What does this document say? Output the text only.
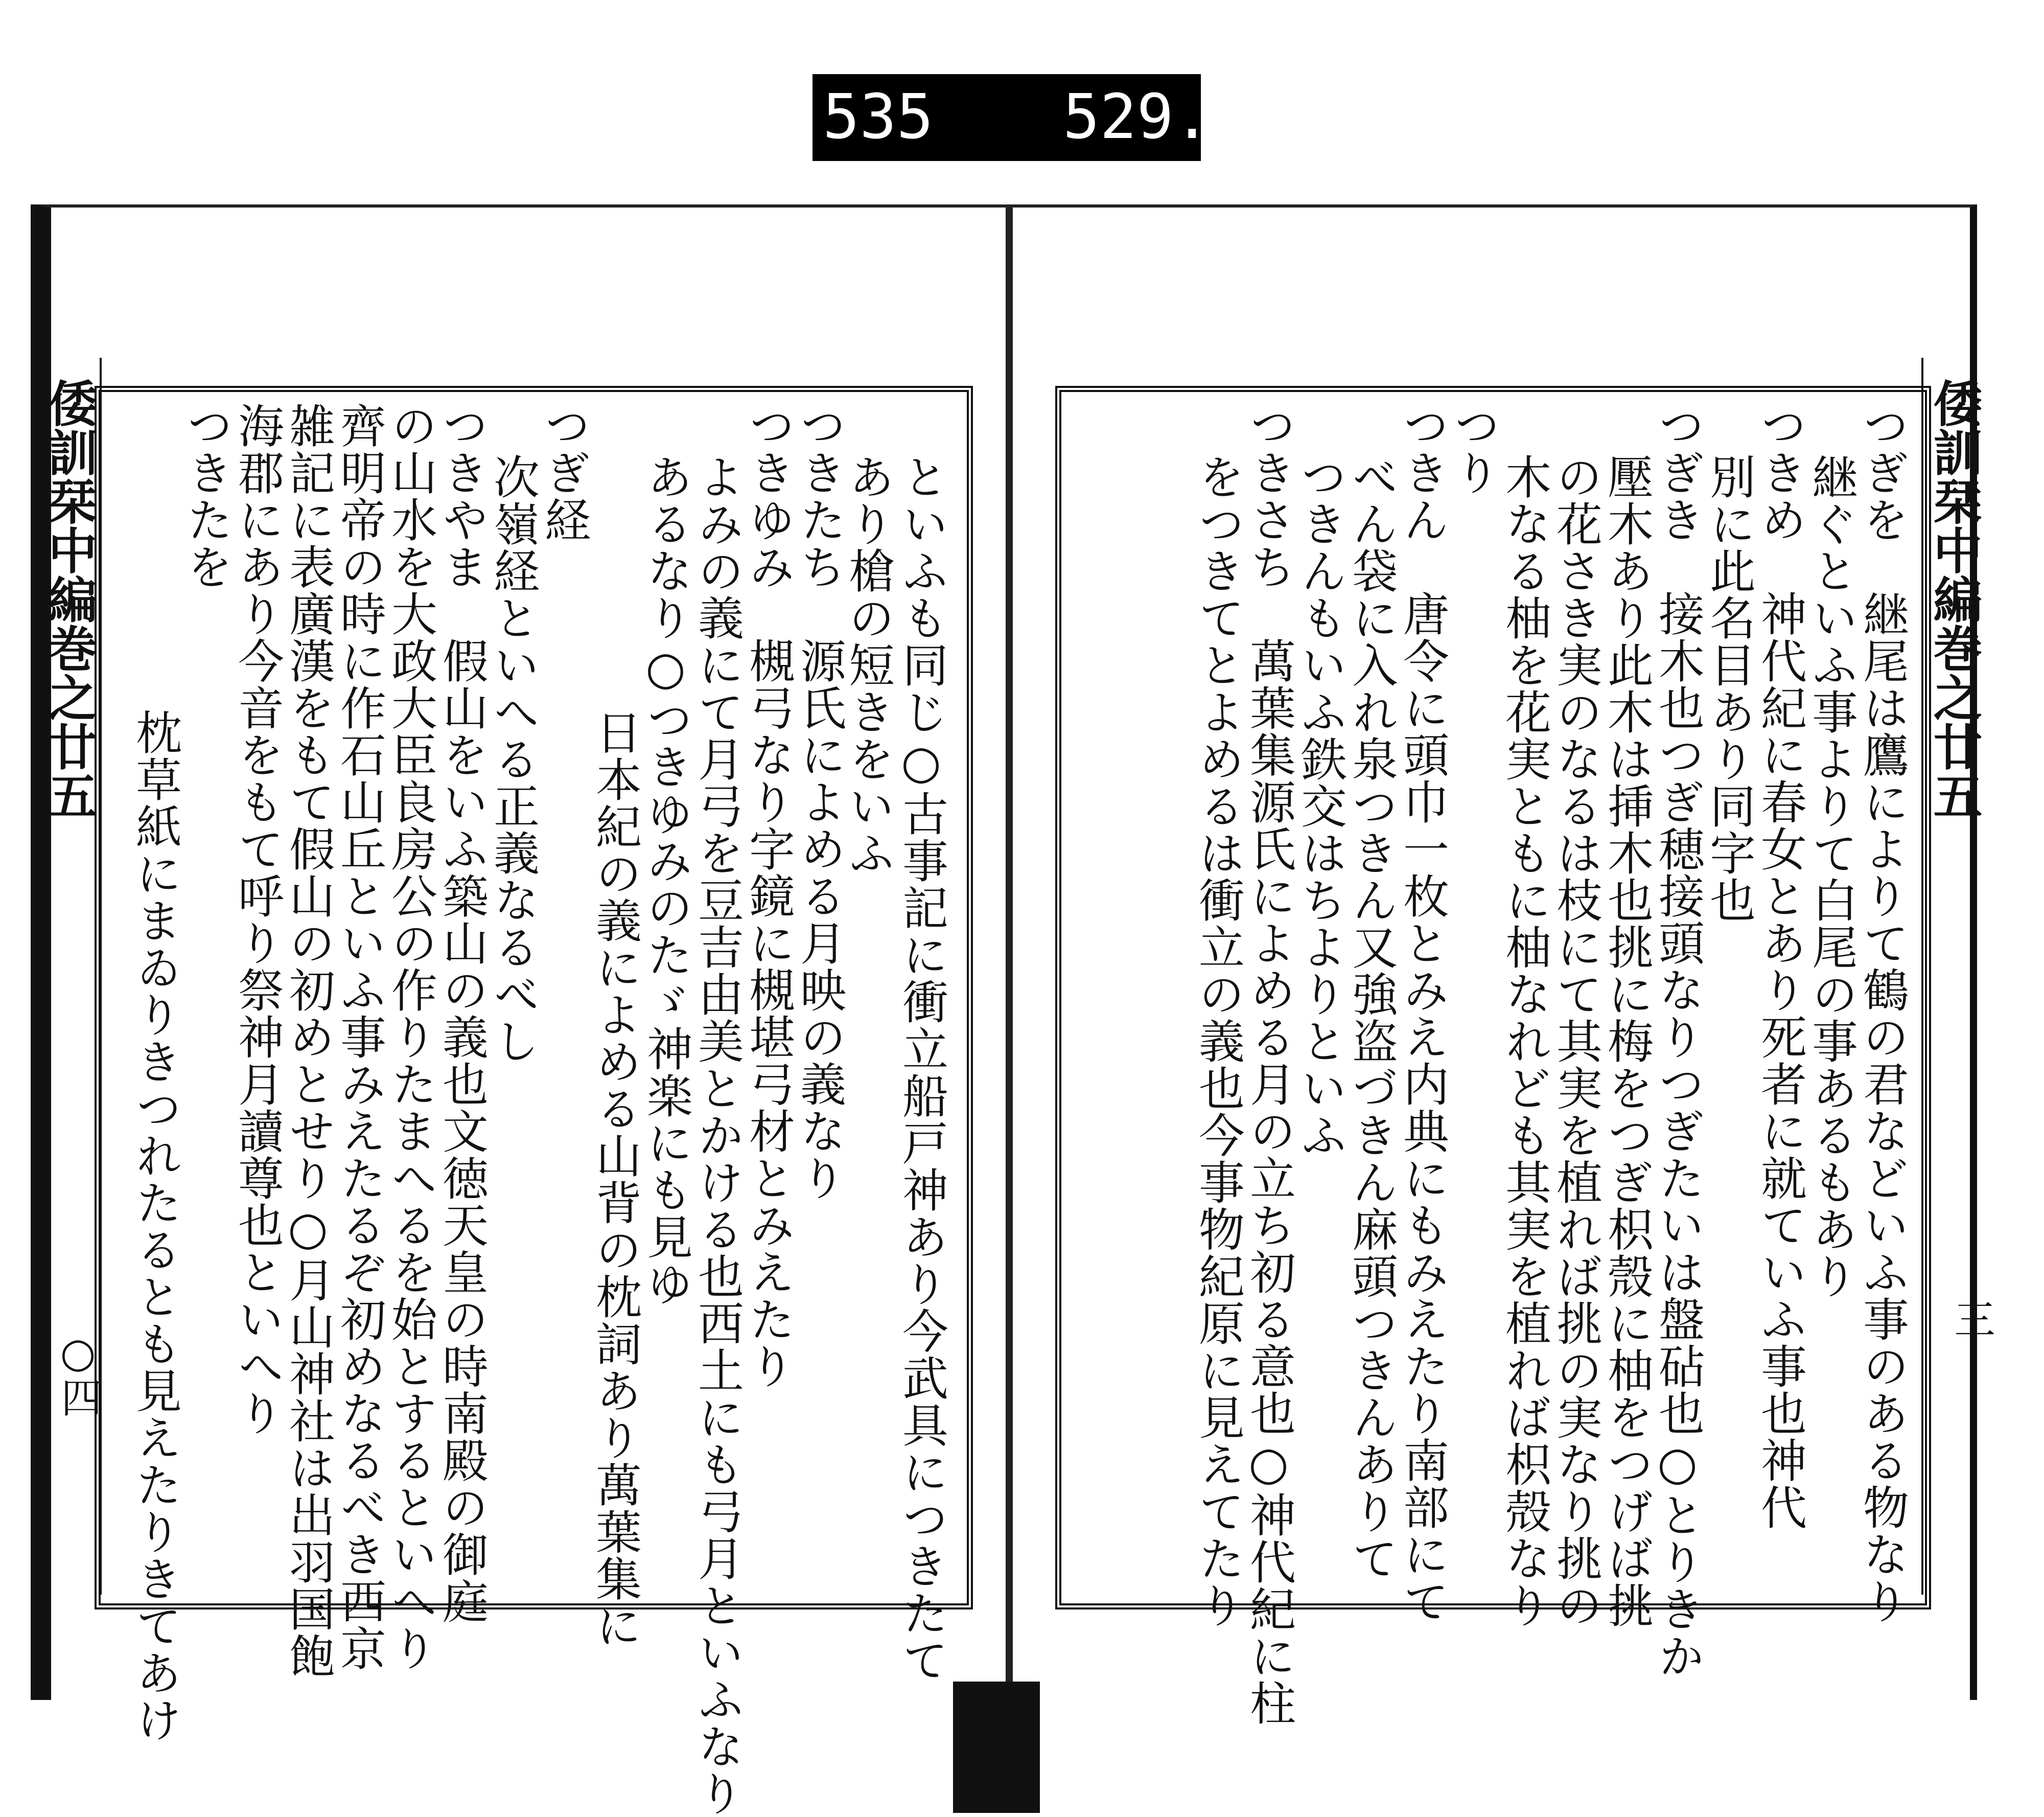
535 529.
倭訓栞中編巻之廿五
○四
倭訓栞中編巻之廿五
三
といふも同じ○古事記に衝立船戸神あり今武具につきたて
あり槍の短きをいふ
つきたち　源氏によめる月映の義なり
つきゆみ　槻弓なり字鏡に槻堪弓材とみえたり
よみの義にて月弓を豆吉由美とかける也西土にも弓月といふなり
あるなり○つきゆみのたゞ神楽にも見ゆ
日本紀の義によめる山背の枕詞あり萬葉集に
つぎ経
次嶺経といへる正義なるべし
つきやま　假山をいふ築山の義也文徳天皇の時南殿の御庭
の山水を大政大臣良房公の作りたまへるを始とするといへり
齊明帝の時に作石山丘といふ事みえたるぞ初めなるべき西京
雑記に表廣漢をもて假山の初めとせり○月山神社は出羽国飽
海郡にあり今音をもて呼り祭神月讀尊也といへり
つきたを
枕草紙にまゐりきつれたるとも見えたりきてあけ	つぎを　継尾は鷹によりて鶴の君などいふ事のある物なり
継ぐといふ事よりて白尾の事あるもあり
つきめ　神代紀に春女とあり死者に就ていふ事也神代
別に此名目あり同字也
つぎき　接木也つぎ穂接頭なりつぎたいは盤砧也○とりきか
壓木あり此木は挿木也挑に梅をつぎ枳殼に柚をつげば挑
の花さき実のなるは枝にて其実を植れば挑の実なり挑の
木なる柚を花実ともに柚なれども其実を植れば枳殻なり
つり
つきん　唐令に頭巾一枚とみえ内典にもみえたり南部にて
べん袋に入れ泉つきん又強盗づきん麻頭つきんありて
つきんもいふ鉄交はちよりといふ
つきさち　萬葉集源氏によめる月の立ち初る意也○神代紀に柱
をつきてとよめるは衝立の義也今事物紀原に見えてたり
